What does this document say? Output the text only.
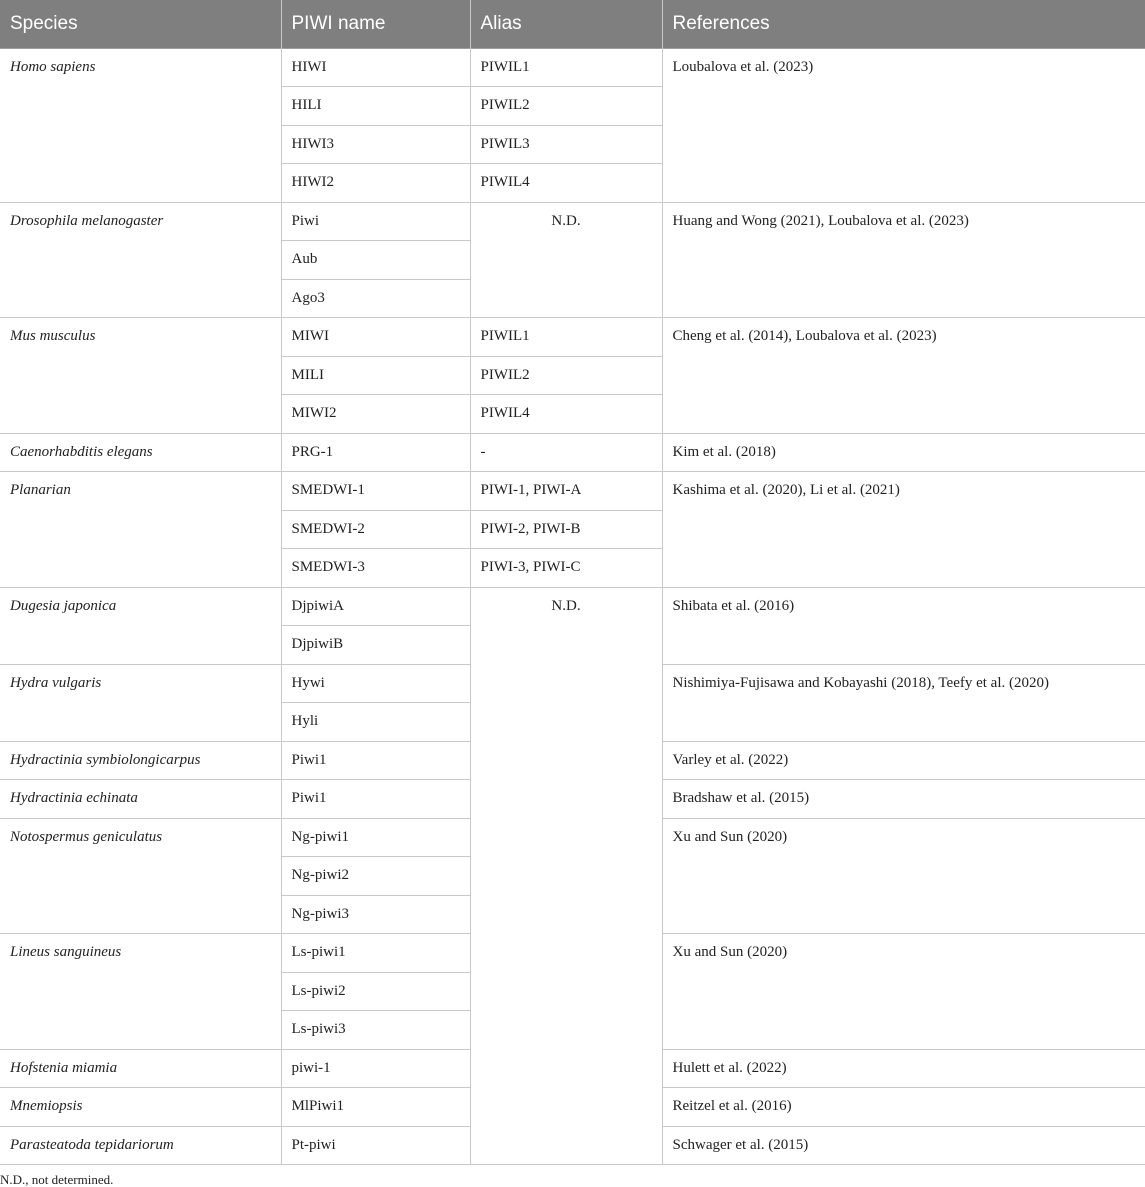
Species	PIWI name	Alias	References
Homo sapiens	HIWI	PIWIL1	Loubalova et al. (2023)
	HILI	PIWIL2	
	HIWI3	PIWIL3	
	HIWI2	PIWIL4	
Drosophila melanogaster	Piwi	N.D.	Huang and Wong (2021), Loubalova et al. (2023)
	Aub		
	Ago3		
Mus musculus	MIWI	PIWIL1	Cheng et al. (2014), Loubalova et al. (2023)
	MILI	PIWIL2	
	MIWI2	PIWIL4	
Caenorhabditis elegans	PRG-1	-	Kim et al. (2018)
Planarian	SMEDWI-1	PIWI-1, PIWI-A	Kashima et al. (2020), Li et al. (2021)
	SMEDWI-2	PIWI-2, PIWI-B	
	SMEDWI-3	PIWI-3, PIWI-C	
Dugesia japonica	DjpiwiA	N.D.	Shibata et al. (2016)
	DjpiwiB		
Hydra vulgaris	Hywi		Nishimiya-Fujisawa and Kobayashi (2018), Teefy et al. (2020)
	Hyli		
Hydractinia symbiolongicarpus	Piwi1		Varley et al. (2022)
Hydractinia echinata	Piwi1		Bradshaw et al. (2015)
Notospermus geniculatus	Ng-piwi1		Xu and Sun (2020)
	Ng-piwi2		
	Ng-piwi3		
Lineus sanguineus	Ls-piwi1		Xu and Sun (2020)
	Ls-piwi2		
	Ls-piwi3		
Hofstenia miamia	piwi-1		Hulett et al. (2022)
Mnemiopsis	MlPiwi1		Reitzel et al. (2016)
Parasteatoda tepidariorum	Pt-piwi		Schwager et al. (2015)
N.D., not determined.
